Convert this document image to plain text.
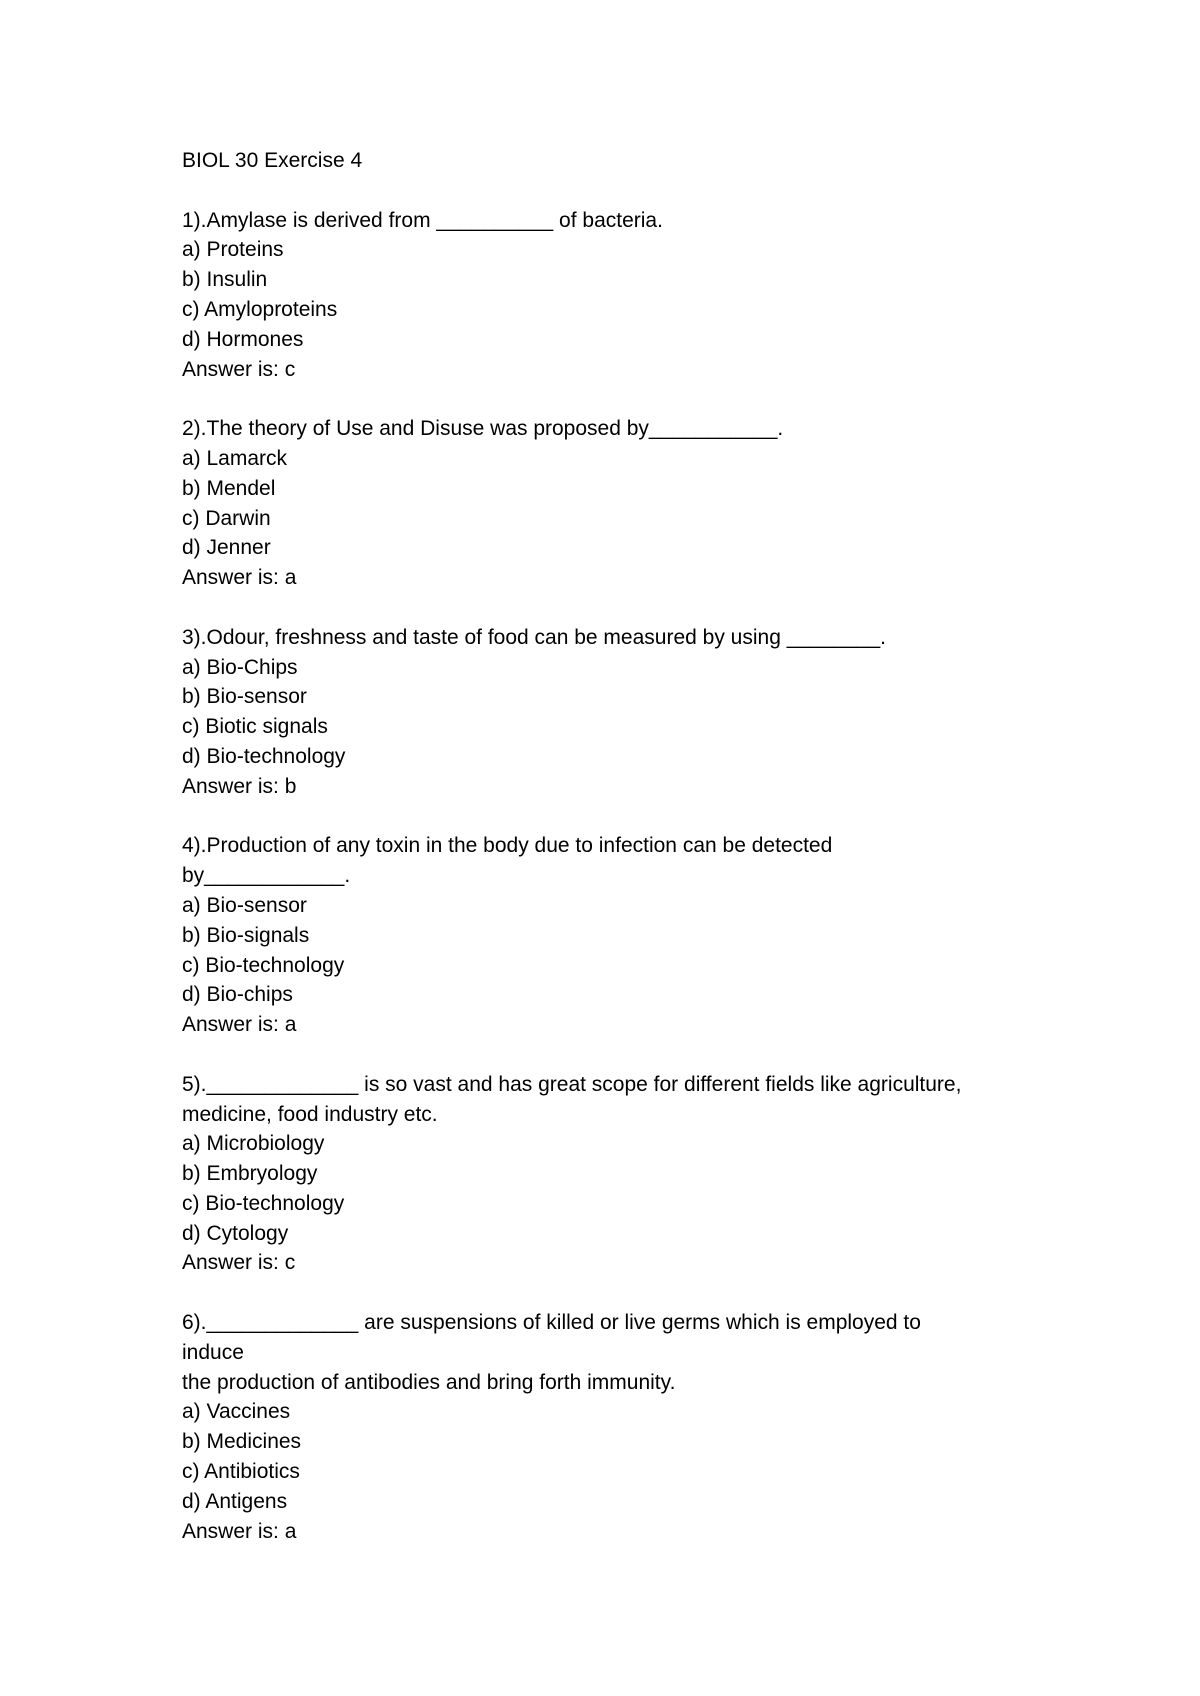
BIOL 30 Exercise 4
1).Amylase is derived from __________ of bacteria.
a) Proteins
b) Insulin
c) Amyloproteins
d) Hormones
Answer is: c
2).The theory of Use and Disuse was proposed by___________.
a) Lamarck
b) Mendel
c) Darwin
d) Jenner
Answer is: a
3).Odour, freshness and taste of food can be measured by using ________.
a) Bio-Chips
b) Bio-sensor
c) Biotic signals
d) Bio-technology
Answer is: b
4).Production of any toxin in the body due to infection can be detected
by____________.
a) Bio-sensor
b) Bio-signals
c) Bio-technology
d) Bio-chips
Answer is: a
5)._____________ is so vast and has great scope for different fields like agriculture,
medicine, food industry etc.
a) Microbiology
b) Embryology
c) Bio-technology
d) Cytology
Answer is: c
6)._____________ are suspensions of killed or live germs which is employed to
induce
the production of antibodies and bring forth immunity.
a) Vaccines
b) Medicines
c) Antibiotics
d) Antigens
Answer is: a
